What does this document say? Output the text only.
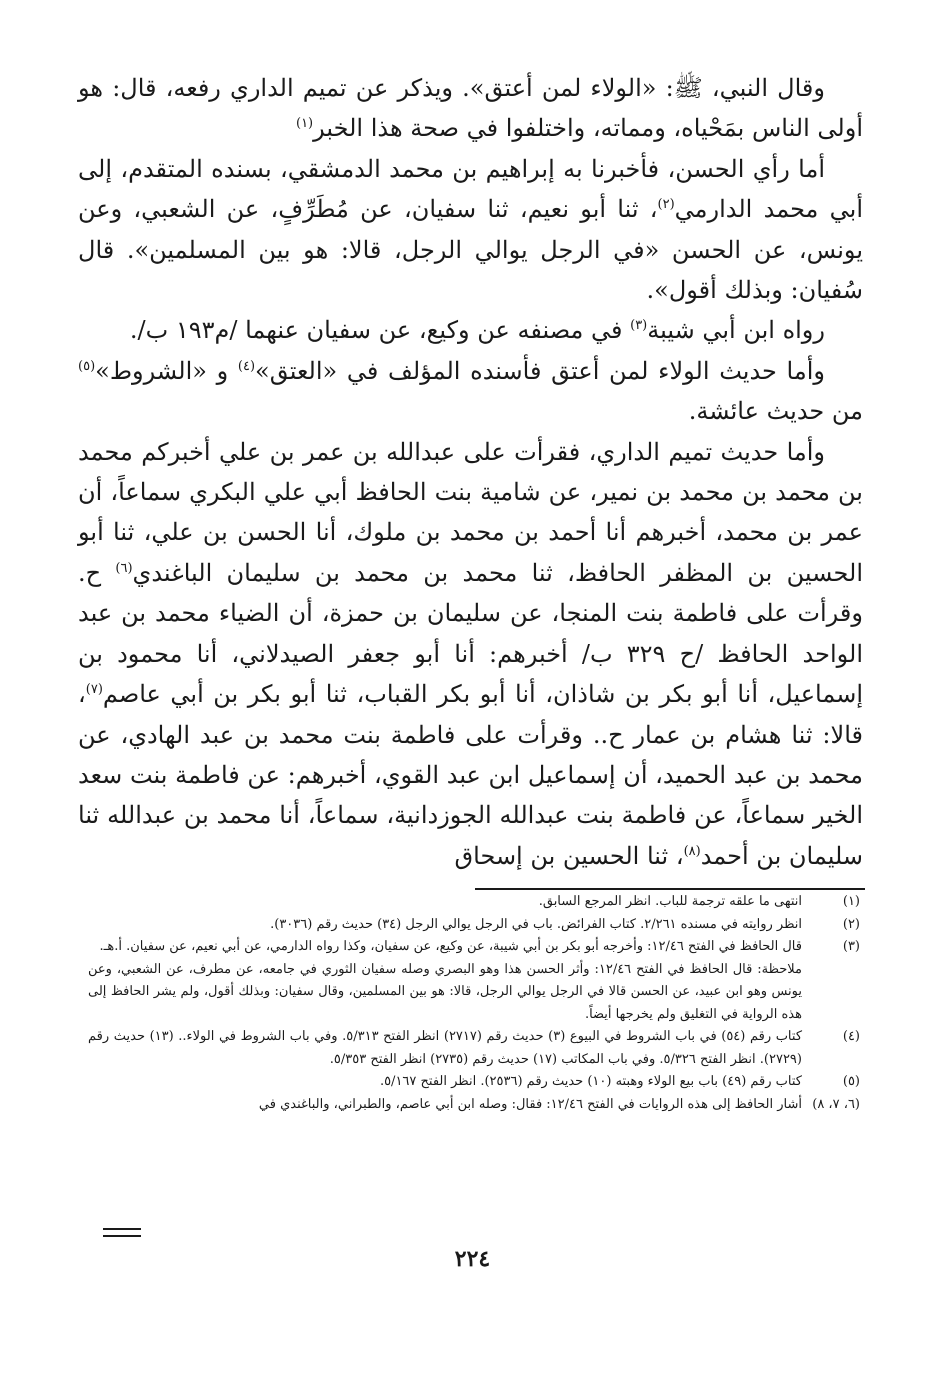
وقال النبي، ﷺ: «الولاء لمن أعتق». ويذكر عن تميم الداري رفعه، قال: هو أولى الناس بمَحْياه، ومماته، واختلفوا في صحة هذا الخبر$^{(١)}$

أما رأي الحسن، فأخبرنا به إبراهيم بن محمد الدمشقي، بسنده المتقدم، إلى أبي محمد الدارمي$^{(٢)}$، ثنا أبو نعيم، ثنا سفيان، عن مُطَرِّفٍ، عن الشعبي، وعن يونس، عن الحسن «في الرجل يوالي الرجل، قالا: هو بين المسلمين». قال سُفيان: وبذلك أقول».

رواه ابن أبي شيبة$^{(٣)}$ في مصنفه عن وكيع، عن سفيان عنهما /م١٩٣ ب/.

وأما حديث الولاء لمن أعتق فأسنده المؤلف في «العتق»$^{(٤)}$ و «الشروط»$^{(٥)}$ من حديث عائشة.

وأما حديث تميم الداري، فقرأت على عبدالله بن عمر بن علي أخبركم محمد بن محمد بن محمد بن نمير، عن شامية بنت الحافظ أبي علي البكري سماعاً، أن عمر بن محمد، أخبرهم أنا أحمد بن محمد بن ملوك، أنا الحسن بن علي، ثنا أبو الحسين بن المظفر الحافظ، ثنا محمد بن محمد بن سليمان الباغندي$^{(٦)}$ ح. وقرأت على فاطمة بنت المنجا، عن سليمان بن حمزة، أن الضياء محمد بن عبد الواحد الحافظ /ح ٣٢٩ ب/ أخبرهم: أنا أبو جعفر الصيدلاني، أنا محمود بن إسماعيل، أنا أبو بكر بن شاذان، أنا أبو بكر القباب، ثنا أبو بكر بن أبي عاصم$^{(٧)}$، قالا: ثنا هشام بن عمار ح.. وقرأت على فاطمة بنت محمد بن عبد الهادي، عن محمد بن عبد الحميد، أن إسماعيل ابن عبد القوي، أخبرهم: عن فاطمة بنت سعد الخير سماعاً، عن فاطمة بنت عبدالله الجوزدانية، سماعاً، أنا محمد بن عبدالله ثنا سليمان بن أحمد$^{(٨)}$، ثنا الحسين بن إسحاق

(١)
انتهى ما علقه ترجمة للباب. انظر المرجع السابق.
(٢)
انظر روايته في مسنده ٢/٢٦١. كتاب الفرائض. باب في الرجل يوالي الرجل (٣٤) حديث رقم (٣٠٣٦).
(٣)
قال الحافظ في الفتح ١٢/٤٦: وأخرجه أبو بكر بن أبي شيبة، عن وكيع، عن سفيان، وكذا رواه الدارمي، عن أبي نعيم، عن سفيان. أ.هـ.
ملاحظة: قال الحافظ في الفتح ١٢/٤٦: وأثر الحسن هذا وهو البصري وصله سفيان الثوري في جامعه، عن مطرف، عن الشعبي، وعن يونس وهو ابن عبيد، عن الحسن قالا في الرجل يوالي الرجل، قالا: هو بين المسلمين، وقال سفيان: وبذلك أقول، ولم يشر الحافظ إلى هذه الرواية في التغليق ولم يخرجها أيضاً.
(٤)
كتاب رقم (٥٤) في باب الشروط في البيوع (٣) حديث رقم (٢٧١٧) انظر الفتح ٥/٣١٣. وفي باب الشروط في الولاء.. (١٣) حديث رقم (٢٧٢٩). انظر الفتح ٥/٣٢٦. وفي باب المكاتب (١٧) حديث رقم (٢٧٣٥) انظر الفتح ٥/٣٥٣.
(٥)
كتاب رقم (٤٩) باب بيع الولاء وهبته (١٠) حديث رقم (٢٥٣٦). انظر الفتح ٥/١٦٧.
(٦، ٧، ٨)
أشار الحافظ إلى هذه الروايات في الفتح ١٢/٤٦: فقال: وصله ابن أبي عاصم، والطبراني، والباغندي في
٢٢٤
